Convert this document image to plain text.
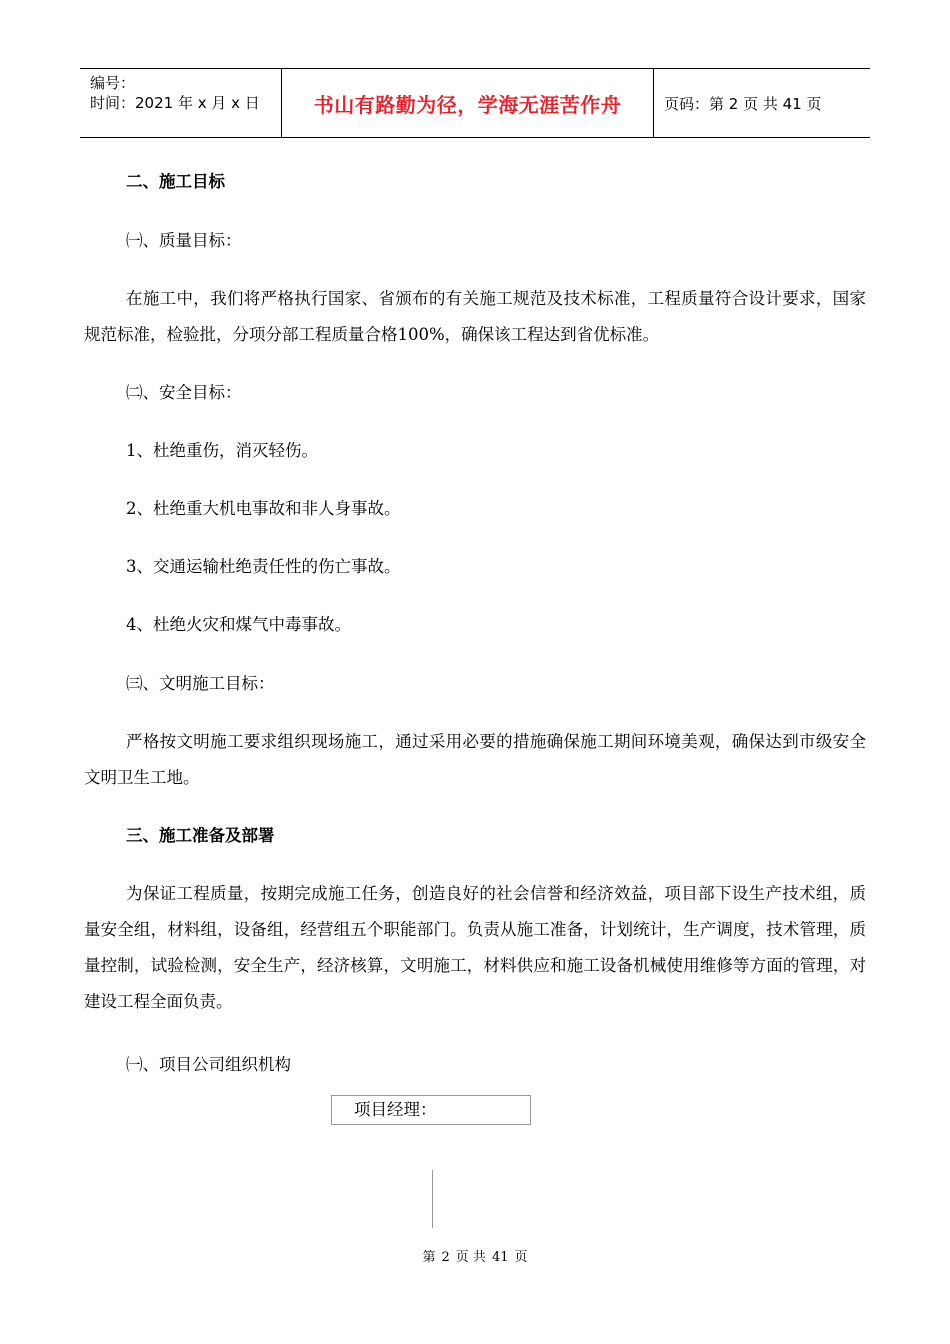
编号：
时间：2021 年 x 月 x 日	书山有路勤为径，学海无涯苦作舟	页码：第 2 页 共 41 页
二、施工目标
㈠、质量目标：
在施工中，我们将严格执行国家、省颁布的有关施工规范及技术标准，工程质量符合设计要求，国家规范标准，检验批，分项分部工程质量合格100%，确保该工程达到省优标准。
㈡、安全目标：
1、杜绝重伤，消灭轻伤。
2、杜绝重大机电事故和非人身事故。
3、交通运输杜绝责任性的伤亡事故。
4、杜绝火灾和煤气中毒事故。
㈢、文明施工目标：
严格按文明施工要求组织现场施工，通过采用必要的措施确保施工期间环境美观，确保达到市级安全文明卫生工地。
三、施工准备及部署
为保证工程质量，按期完成施工任务，创造良好的社会信誉和经济效益，项目部下设生产技术组，质量安全组，材料组，设备组，经营组五个职能部门。负责从施工准备，计划统计，生产调度，技术管理，质量控制，试验检测，安全生产，经济核算，文明施工，材料供应和施工设备机械使用维修等方面的管理，对建设工程全面负责。
㈠、项目公司组织机构
项目经理：
第 2 页 共 41 页
